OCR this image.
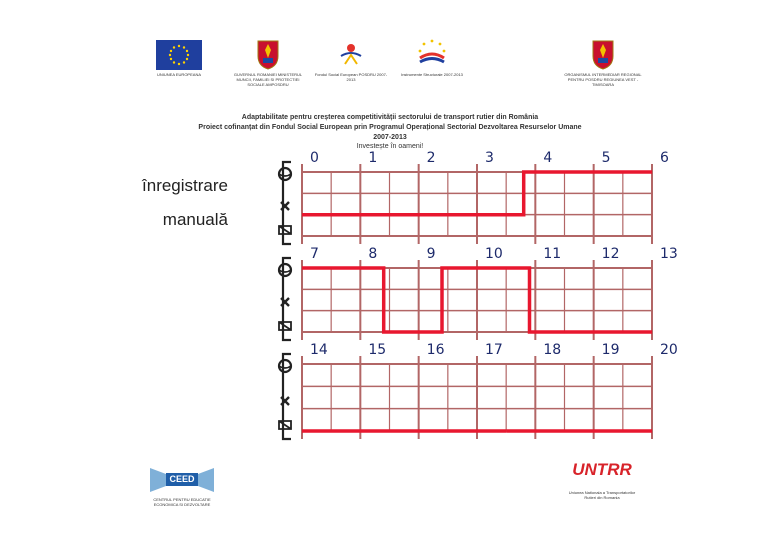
UNIUNEA EUROPEANA	GUVERNUL ROMANIEI MINISTERUL MUNCII, FAMILIEI SI PROTECTIEI SOCIALE AMPOSDRU
Fondul Social European POSDRU 2007-2013
Instrumente Structurale 2007-2013	ORGANISMUL INTERMEDIAR REGIONAL PENTRU POSDRU REGIUNEA VEST - TIMISOARA
Adaptabilitate pentru creșterea competitivității sectorului de transport rutier din România
Proiect cofinanțat din Fondul Social European prin Programul Operațional Sectorial Dezvoltarea Resurselor Umane
2007-2013
Investește în oameni!
înregistrare
manuală
0	1	2	3	4	5	6
7	8	9	10	11	12	13
14	15	16	17	18	19	20
CEED
CENTRUL PENTRU EDUCATIE ECONOMICA SI DEZVOLTARE
UNTRR
Uniunea Nationala a Transportatorilor Rutieri din Romania
